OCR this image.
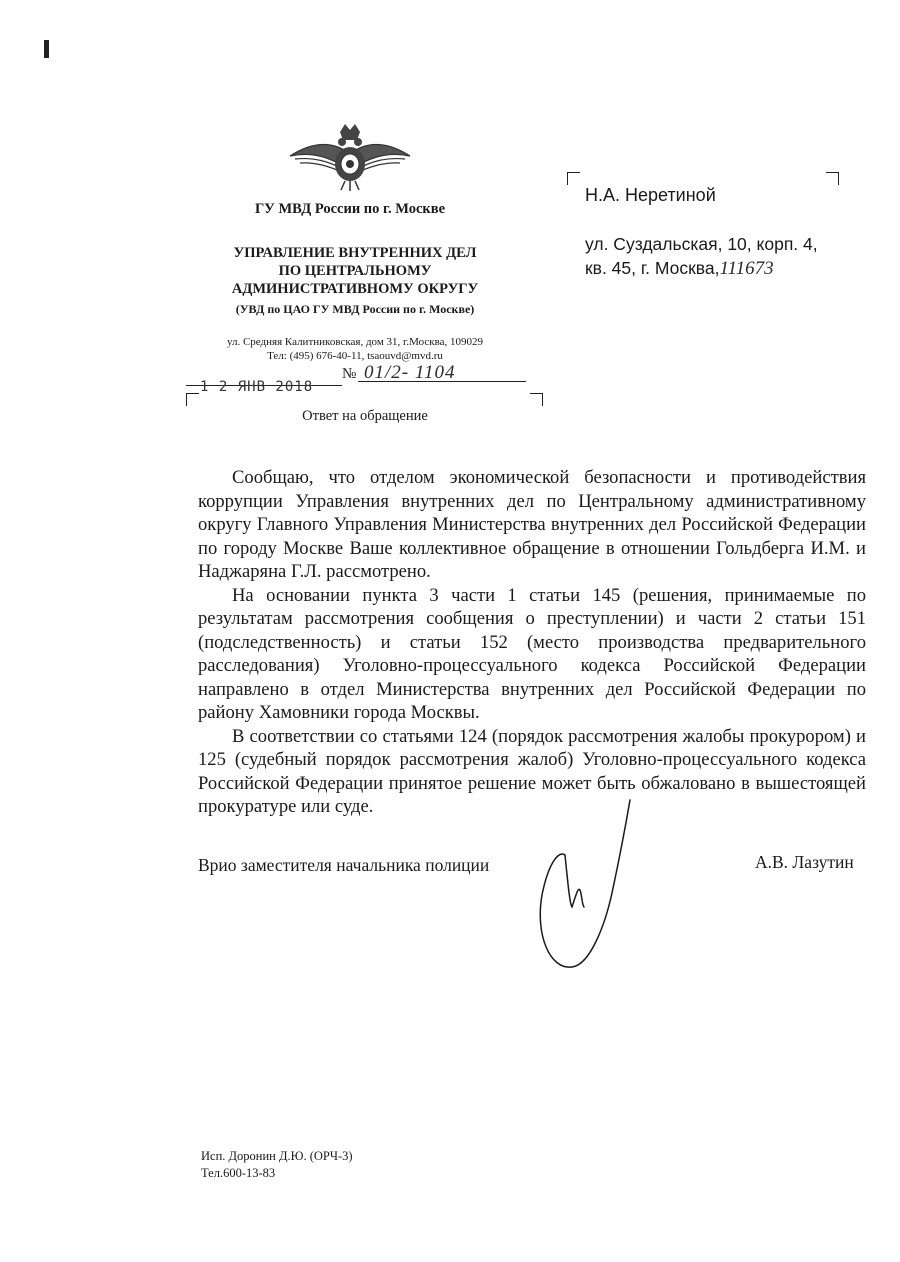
ГУ МВД России по г. Москве
УПРАВЛЕНИЕ ВНУТРЕННИХ ДЕЛ
ПО ЦЕНТРАЛЬНОМУ
АДМИНИСТРАТИВНОМУ ОКРУГУ
(УВД по ЦАО ГУ МВД России по г. Москве)
ул. Средняя Калитниковская, дом 31, г.Москва, 109029
Тел: (495) 676-40-11, tsaouvd@mvd.ru
1 2 ЯНВ 2018
№ 01/2- 1104
Ответ на обращение
Н.А. Неретиной
ул. Суздальская, 10, корп. 4,
кв. 45, г. Москва,111673

Сообщаю, что отделом экономической безопасности и противодействия коррупции Управления внутренних дел по Центральному административному округу Главного Управления Министерства внутренних дел Российской Федерации по городу Москве Ваше коллективное обращение в отношении Гольдберга И.М. и Наджаряна Г.Л. рассмотрено.

На основании пункта 3 части 1 статьи 145 (решения, принимаемые по результатам рассмотрения сообщения о преступлении) и части 2 статьи 151 (подследственность) и статьи 152 (место производства предварительного расследования) Уголовно-процессуального кодекса Российской Федерации направлено в отдел Министерства внутренних дел Российской Федерации по району Хамовники города Москвы.

В соответствии со статьями 124 (порядок рассмотрения жалобы прокурором) и 125 (судебный порядок рассмотрения жалоб) Уголовно-процессуального кодекса Российской Федерации принятое решение может быть обжаловано в вышестоящей прокуратуре или суде.

Врио заместителя начальника полиции	А.В. Лазутин
Исп. Доронин Д.Ю. (ОРЧ-3)
Тел.600-13-83
